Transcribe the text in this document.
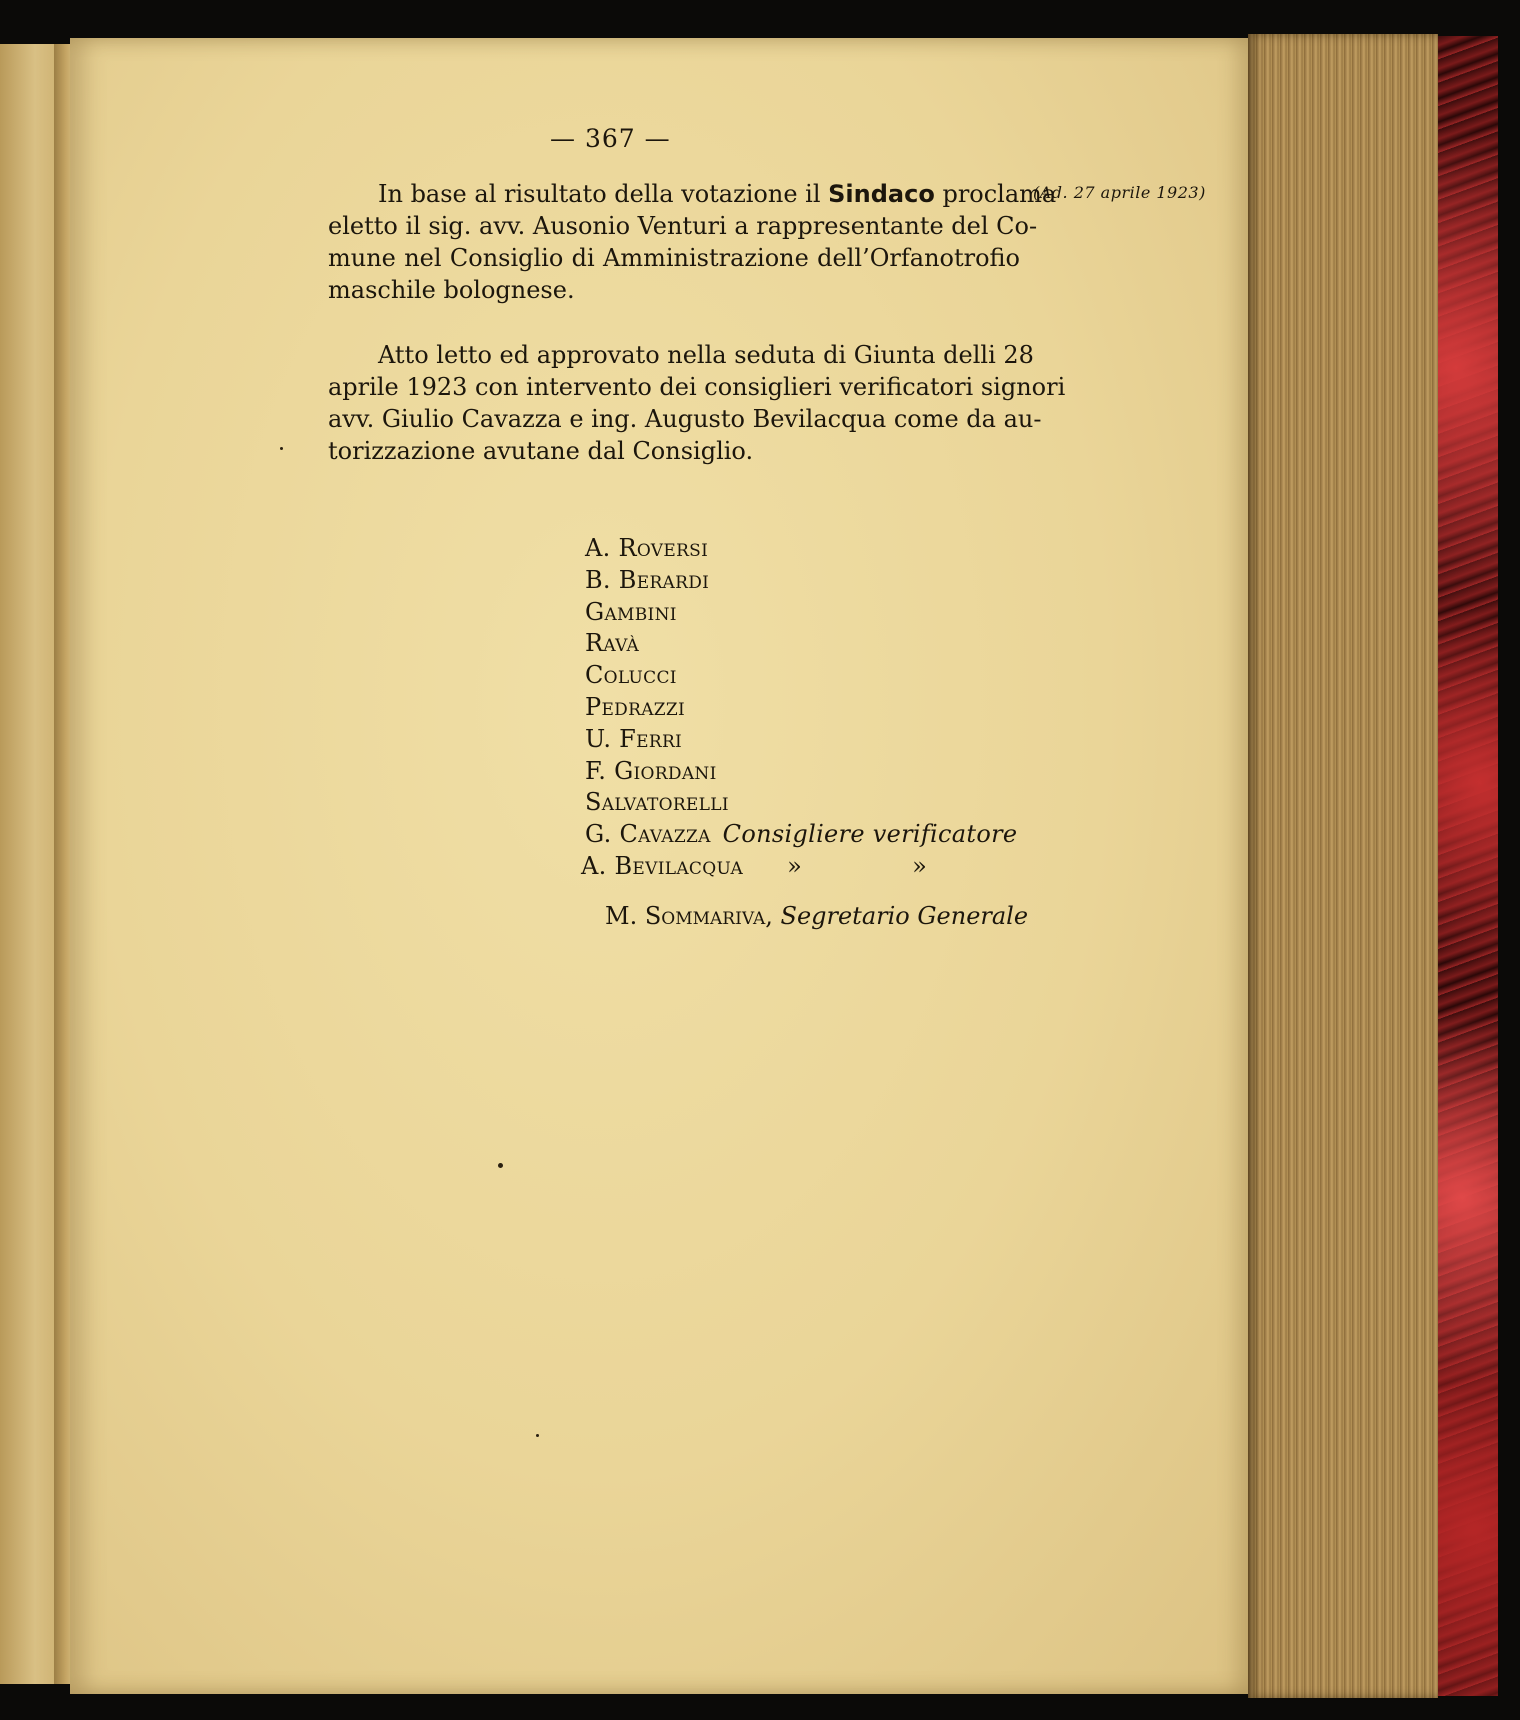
— 367 —
(Ad. 27 aprile 1923)
In base al risultato della votazione il Sindaco proclama
eletto il sig. avv. Ausonio Venturi a rappresentante del Co-
mune nel Consiglio di Amministrazione dell’Orfanotrofio
maschile bolognese.
Atto letto ed approvato nella seduta di Giunta delli 28
aprile 1923 con intervento dei consiglieri verificatori signori
avv. Giulio Cavazza e ing. Augusto Bevilacqua come da au-
torizzazione avutane dal Consiglio.
A. Roversi
B. Berardi
Gambini
Ravà
Colucci
Pedrazzi
U. Ferri
F. Giordani
Salvatorelli
G. Cavazza Consigliere verificatore
A. Bevilacqua »	»
M. Sommariva, Segretario Generale
